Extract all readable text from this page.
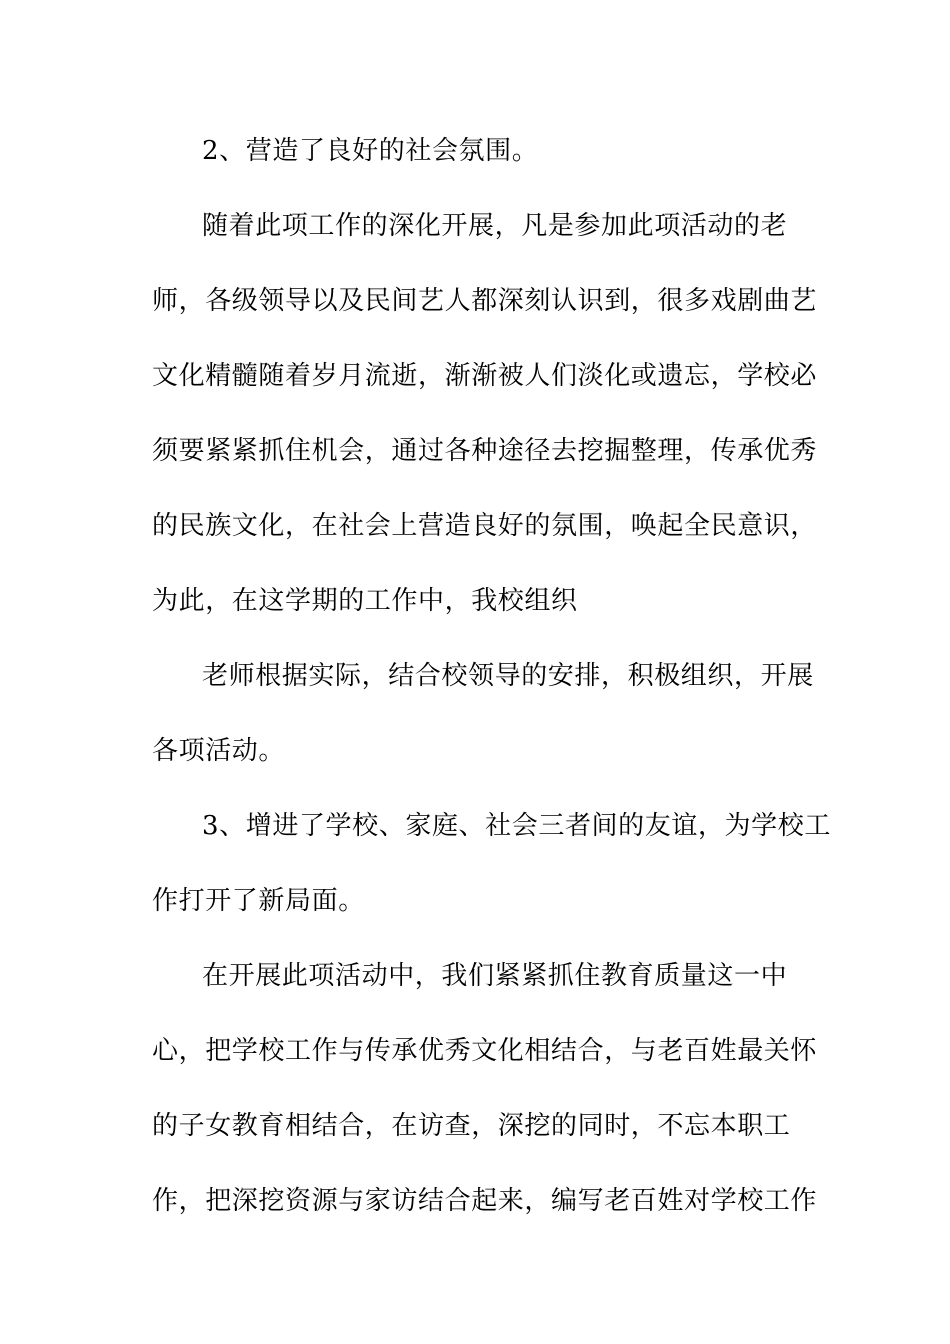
2、营造了良好的社会氛围。
随着此项工作的深化开展，凡是参加此项活动的老
师，各级领导以及民间艺人都深刻认识到，很多戏剧曲艺
文化精髓随着岁月流逝，渐渐被人们淡化或遗忘，学校必
须要紧紧抓住机会，通过各种途径去挖掘整理，传承优秀
的民族文化，在社会上营造良好的氛围，唤起全民意识，
为此，在这学期的工作中，我校组织
老师根据实际，结合校领导的安排，积极组织，开展
各项活动。
3、增进了学校、家庭、社会三者间的友谊，为学校工
作打开了新局面。
在开展此项活动中，我们紧紧抓住教育质量这一中
心，把学校工作与传承优秀文化相结合，与老百姓最关怀
的子女教育相结合，在访查，深挖的同时，不忘本职工
作，把深挖资源与家访结合起来，编写老百姓对学校工作
